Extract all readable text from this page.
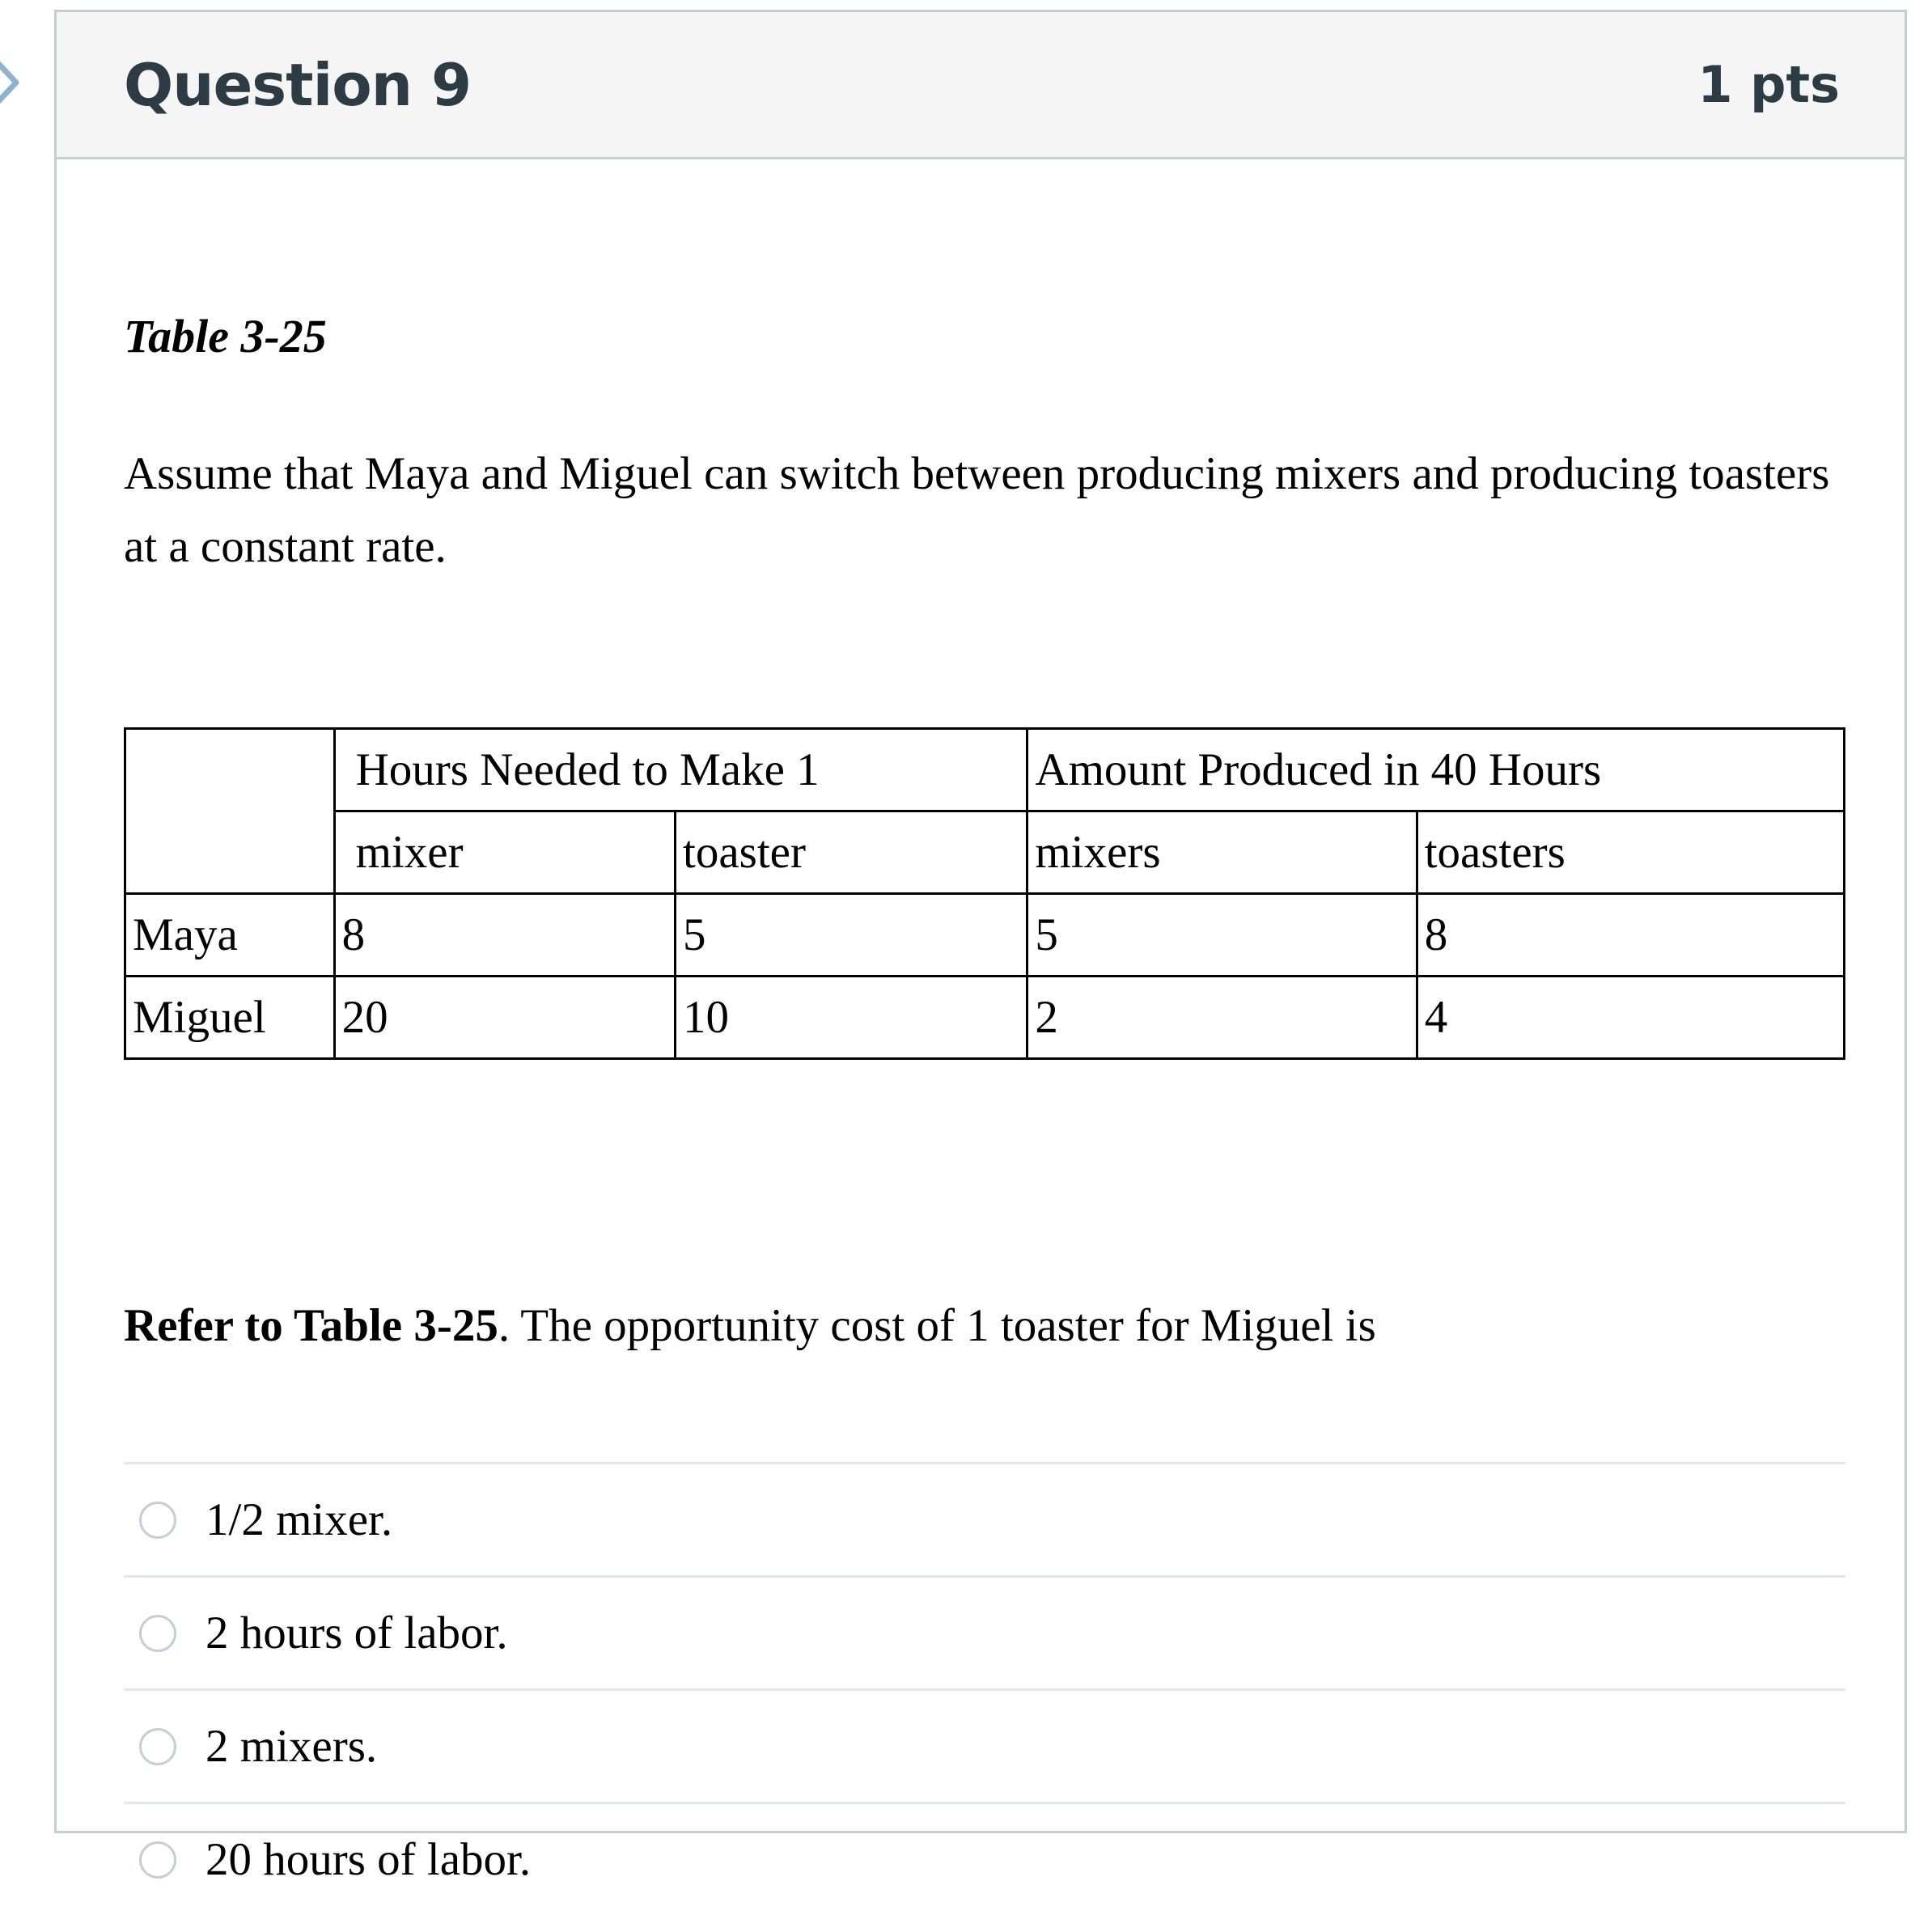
Question 9	1 pts

Table 3-25

Assume that Maya and Miguel can switch between producing mixers and producing toasters at a constant rate.

	Hours Needed to Make 1		Amount Produced in 40 Hours	
	mixer	toaster	mixers	toasters
Maya	8	5	5	8
Miguel	20	10	2	4

Refer to Table 3-25. The opportunity cost of 1 toaster for Miguel is

1/2 mixer.
2 hours of labor.
2 mixers.
20 hours of labor.
